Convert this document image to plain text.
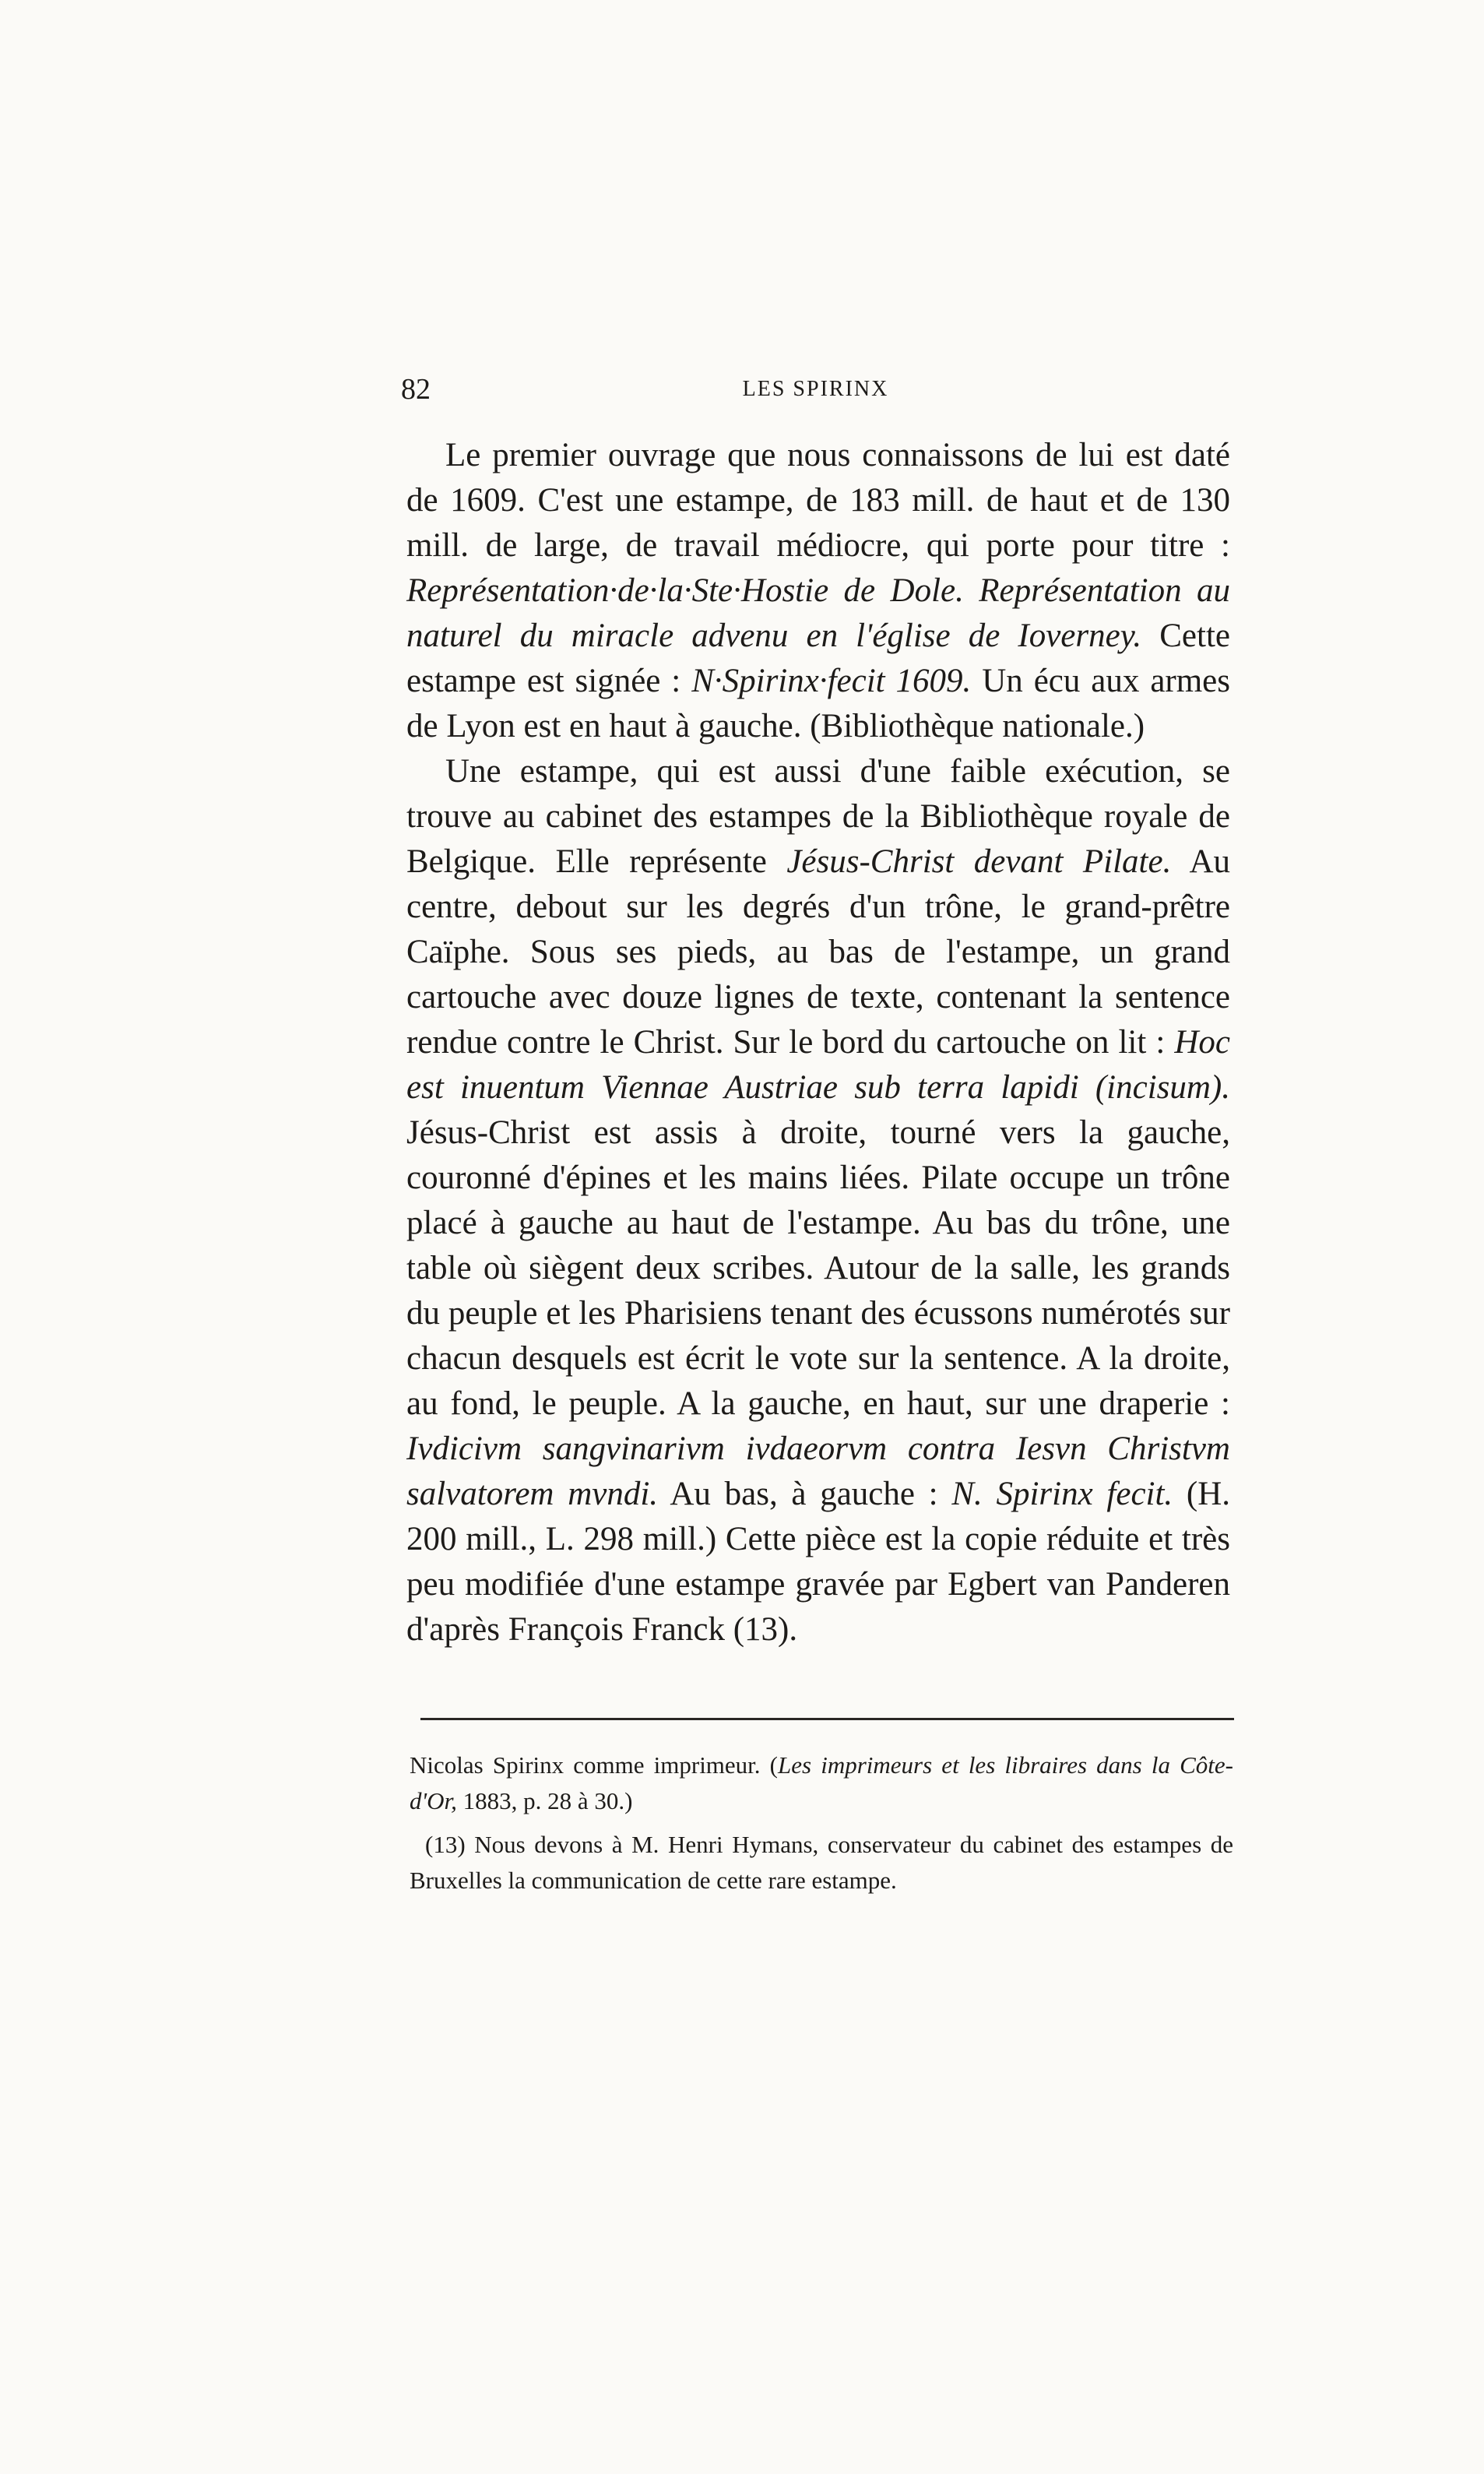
82	LES SPIRINX

Le premier ouvrage que nous connaissons de lui est daté de 1609. C'est une estampe, de 183 mill. de haut et de 130 mill. de large, de travail médiocre, qui porte pour titre : Représentation·de·la·Ste·Hostie de Dole. Représentation au naturel du miracle advenu en l'église de Ioverney. Cette estampe est signée : N·Spirinx·fecit 1609. Un écu aux armes de Lyon est en haut à gauche. (Bibliothèque nationale.)

Une estampe, qui est aussi d'une faible exécution, se trouve au cabinet des estampes de la Bibliothèque royale de Belgique. Elle représente Jésus-Christ devant Pilate. Au centre, debout sur les degrés d'un trône, le grand-prêtre Caïphe. Sous ses pieds, au bas de l'estampe, un grand cartouche avec douze lignes de texte, contenant la sentence rendue contre le Christ. Sur le bord du cartouche on lit : Hoc est inuentum Viennae Austriae sub terra lapidi (incisum). Jésus-Christ est assis à droite, tourné vers la gauche, couronné d'épines et les mains liées. Pilate occupe un trône placé à gauche au haut de l'estampe. Au bas du trône, une table où siègent deux scribes. Autour de la salle, les grands du peuple et les Pharisiens tenant des écussons numérotés sur chacun desquels est écrit le vote sur la sentence. A la droite, au fond, le peuple. A la gauche, en haut, sur une draperie : Ivdicivm sangvinarivm ivdaeorvm contra Iesvn Christvm salvatorem mvndi. Au bas, à gauche : N. Spirinx fecit. (H. 200 mill., L. 298 mill.) Cette pièce est la copie réduite et très peu modifiée d'une estampe gravée par Egbert van Panderen d'après François Franck (13).

Nicolas Spirinx comme imprimeur. (Les imprimeurs et les libraires dans la Côte-d'Or, 1883, p. 28 à 30.)

(13) Nous devons à M. Henri Hymans, conservateur du cabinet des estampes de Bruxelles la communication de cette rare estampe.
